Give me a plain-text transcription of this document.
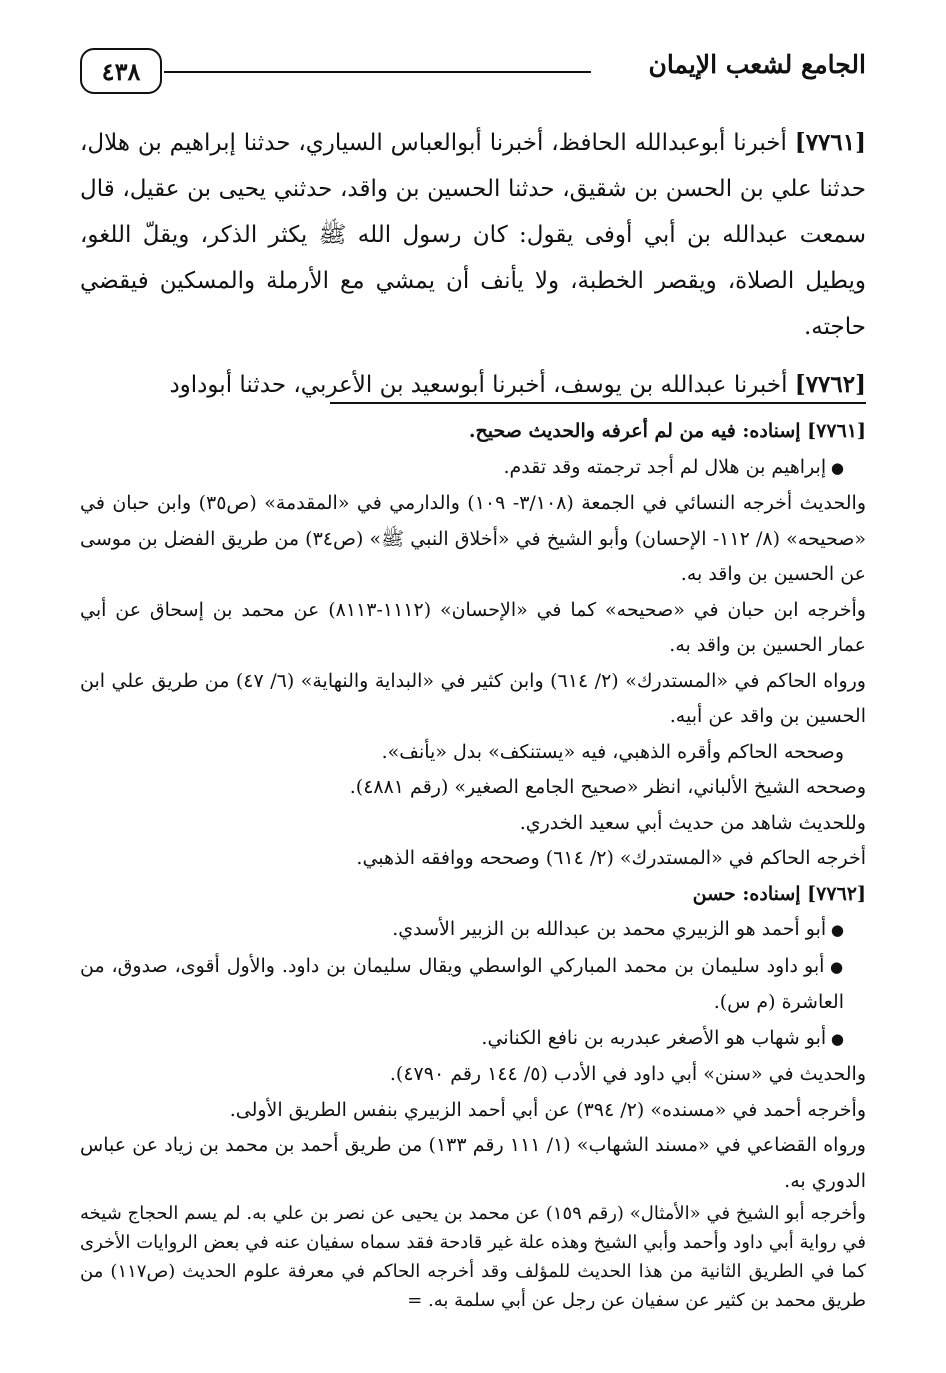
الجامع لشعب الإيمان
٤٣٨

[٧٧٦١] أخبرنا أبوعبدالله الحافظ، أخبرنا أبوالعباس السياري، حدثنا إبراهيم بن هلال، حدثنا علي بن الحسن بن شقيق، حدثنا الحسين بن واقد، حدثني يحيى بن عقيل، قال سمعت عبدالله بن أبي أوفى يقول: كان رسول الله ﷺ يكثر الذكر، ويقلّ اللغو، ويطيل الصلاة، ويقصر الخطبة، ولا يأنف أن يمشي مع الأرملة والمسكين فيقضي حاجته.

[٧٧٦٢] أخبرنا عبدالله بن يوسف، أخبرنا أبوسعيد بن الأعربي، حدثنا أبوداود

[٧٧٦١] إسناده: فيه من لم أعرفه والحديث صحيح.

● إبراهيم بن هلال لم أجد ترجمته وقد تقدم.

والحديث أخرجه النسائي في الجمعة (٣/١٠٨- ١٠٩) والدارمي في «المقدمة» (ص٣٥) وابن حبان في «صحيحه» (٨/ ١١٢- الإحسان) وأبو الشيخ في «أخلاق النبي ﷺ» (ص٣٤) من طريق الفضل بن موسى عن الحسين بن واقد به.

وأخرجه ابن حبان في «صحيحه» كما في «الإحسان» (١١١٢-٨١١٣) عن محمد بن إسحاق عن أبي عمار الحسين بن واقد به.

ورواه الحاكم في «المستدرك» (٢/ ٦١٤) وابن كثير في «البداية والنهاية» (٦/ ٤٧) من طريق علي ابن الحسين بن واقد عن أبيه.

وصححه الحاكم وأقره الذهبي، فيه «يستنكف» بدل «يأنف».

وصححه الشيخ الألباني، انظر «صحيح الجامع الصغير» (رقم ٤٨٨١).

وللحديث شاهد من حديث أبي سعيد الخدري.

أخرجه الحاكم في «المستدرك» (٢/ ٦١٤) وصححه ووافقه الذهبي.

[٧٧٦٢] إسناده: حسن

● أبو أحمد هو الزبيري محمد بن عبدالله بن الزبير الأسدي.

● أبو داود سليمان بن محمد المباركي الواسطي ويقال سليمان بن داود. والأول أقوى، صدوق، من العاشرة (م س).

● أبو شهاب هو الأصغر عبدربه بن نافع الكناني.

والحديث في «سنن» أبي داود في الأدب (٥/ ١٤٤ رقم ٤٧٩٠).

وأخرجه أحمد في «مسنده» (٢/ ٣٩٤) عن أبي أحمد الزبيري بنفس الطريق الأولى.

ورواه القضاعي في «مسند الشهاب» (١/ ١١١ رقم ١٣٣) من طريق أحمد بن محمد بن زياد عن عباس الدوري به.

وأخرجه أبو الشيخ في «الأمثال» (رقم ١٥٩) عن محمد بن يحيى عن نصر بن علي به. لم يسم الحجاج شيخه في رواية أبي داود وأحمد وأبي الشيخ وهذه علة غير قادحة فقد سماه سفيان عنه في بعض الروايات الأخرى كما في الطريق الثانية من هذا الحديث للمؤلف وقد أخرجه الحاكم في معرفة علوم الحديث (ص١١٧) من طريق محمد بن كثير عن سفيان عن رجل عن أبي سلمة به. =
